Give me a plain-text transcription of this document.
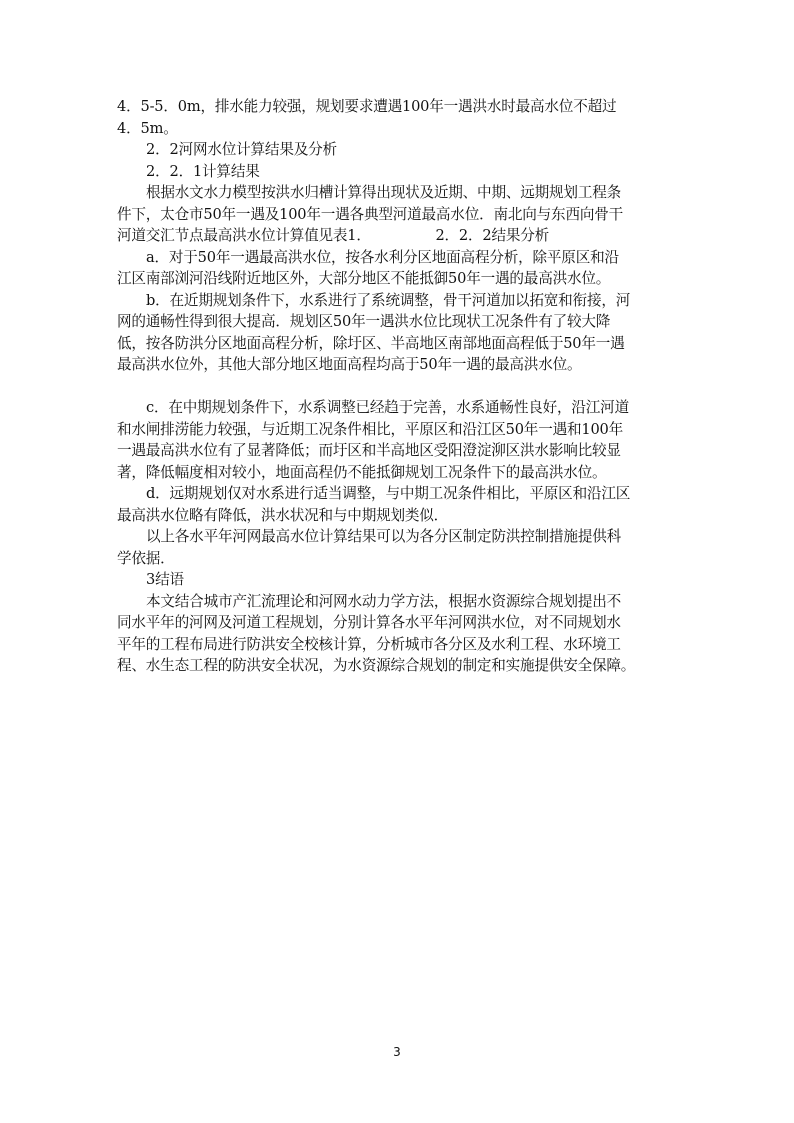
4．5-5．0m，排水能力较强，规划要求遭遇100年一遇洪水时最高水位不超过
4．5m。
2．2河网水位计算结果及分析
2．2．1计算结果
根据水文水力模型按洪水归槽计算得出现状及近期、中期、远期规划工程条
件下，太仓市50年一遇及100年一遇各典型河道最高水位．南北向与东西向骨干
河道交汇节点最高洪水位计算值见表1．　　　　　2．2．2结果分析
a．对于50年一遇最高洪水位，按各水利分区地面高程分析，除平原区和沿
江区南部浏河沿线附近地区外，大部分地区不能抵御50年一遇的最高洪水位。
b．在近期规划条件下，水系进行了系统调整，骨干河道加以拓宽和衔接，河
网的通畅性得到很大提高．规划区50年一遇洪水位比现状工况条件有了较大降
低，按各防洪分区地面高程分析，除圩区、半高地区南部地面高程低于50年一遇
最高洪水位外，其他大部分地区地面高程均高于50年一遇的最高洪水位。
c．在中期规划条件下，水系调整已经趋于完善，水系通畅性良好，沿江河道
和水闸排涝能力较强，与近期工况条件相比，平原区和沿江区50年一遇和100年
一遇最高洪水位有了显著降低；而圩区和半高地区受阳澄淀泖区洪水影响比较显
著，降低幅度相对较小，地面高程仍不能抵御规划工况条件下的最高洪水位。
d．远期规划仅对水系进行适当调整，与中期工况条件相比，平原区和沿江区
最高洪水位略有降低，洪水状况和与中期规划类似．
以上各水平年河网最高水位计算结果可以为各分区制定防洪控制措施提供科
学依据．
3结语
本文结合城市产汇流理论和河网水动力学方法，根据水资源综合规划提出不
同水平年的河网及河道工程规划，分别计算各水平年河网洪水位，对不同规划水
平年的工程布局进行防洪安全校核计算，分析城市各分区及水利工程、水环境工
程、水生态工程的防洪安全状况，为水资源综合规划的制定和实施提供安全保障。
3
